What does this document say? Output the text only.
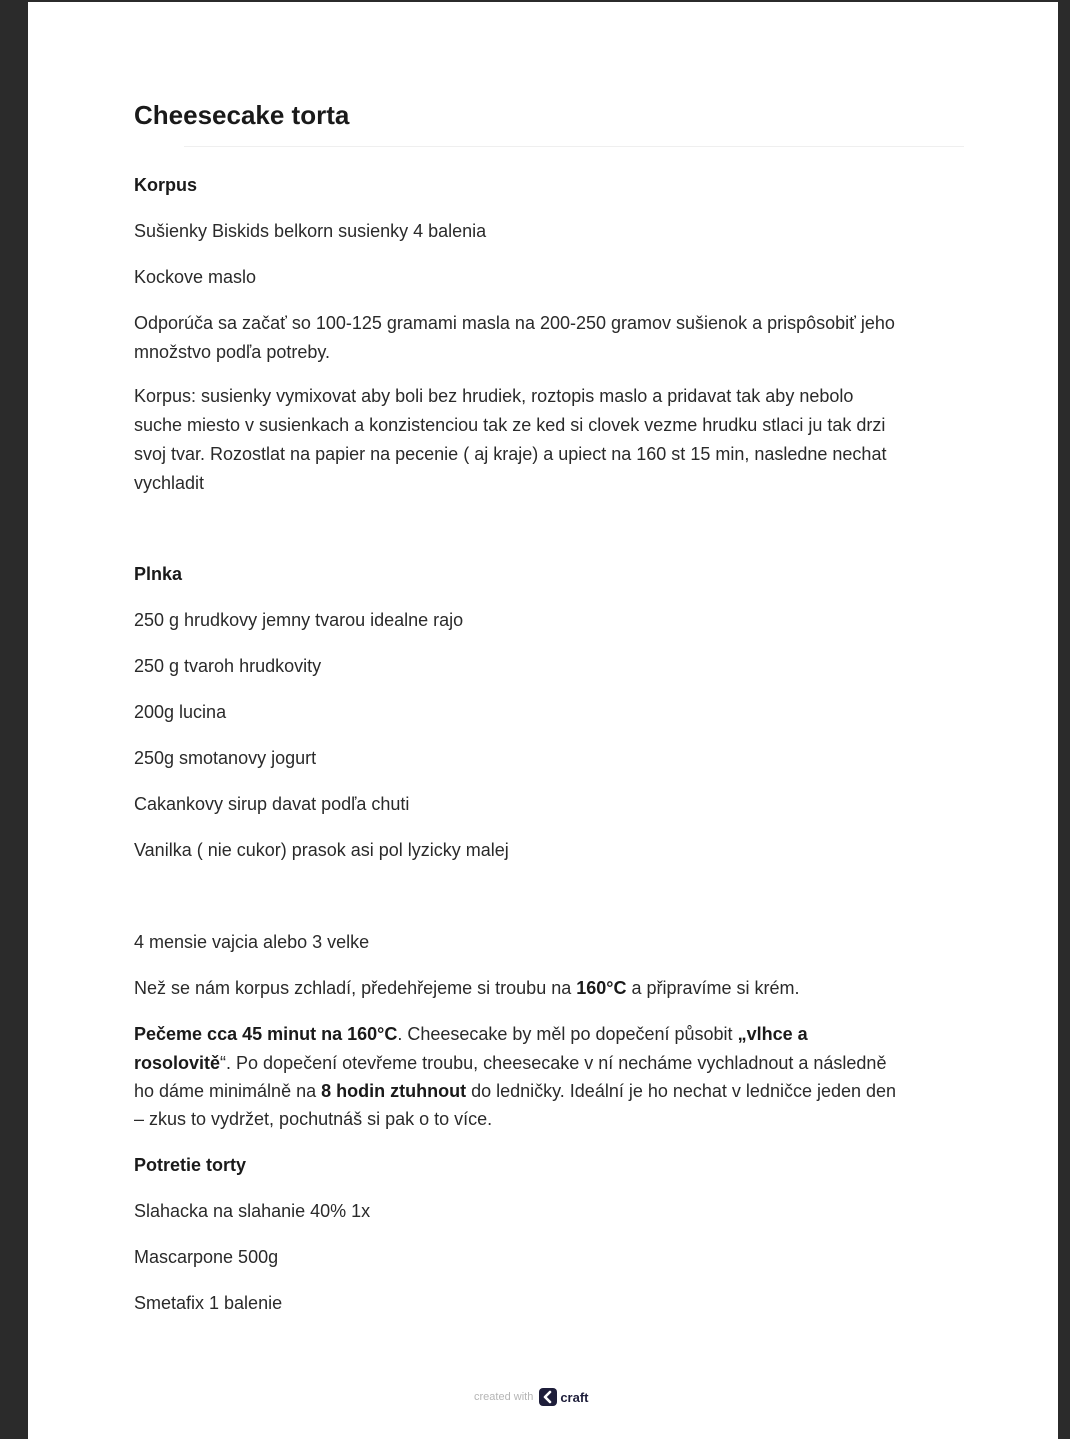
Cheesecake torta
Korpus
Sušienky Biskids belkorn susienky 4 balenia
Kockove maslo
Odporúča sa začať so 100-125 gramami masla na 200-250 gramov sušienok a prispôsobiť jeho
množstvo podľa potreby.
Korpus: susienky vymixovat aby boli bez hrudiek, roztopis maslo a pridavat tak aby nebolo
suche miesto v susienkach a konzistenciou tak ze ked si clovek vezme hrudku stlaci ju tak drzi
svoj tvar. Rozostlat na papier na pecenie ( aj kraje) a upiect na 160 st 15 min, nasledne nechat
vychladit
Plnka
250 g hrudkovy jemny tvarou idealne rajo
250 g tvaroh hrudkovity
200g lucina
250g smotanovy jogurt
Cakankovy sirup davat podľa chuti
Vanilka ( nie cukor) prasok asi pol lyzicky malej
4 mensie vajcia alebo 3 velke
Než se nám korpus zchladí, předehřejeme si troubu na 160°C a připravíme si krém.
Pečeme cca 45 minut na 160°C. Cheesecake by měl po dopečení působit „vlhce a
rosolovitě“. Po dopečení otevřeme troubu, cheesecake v ní necháme vychladnout a následně
ho dáme minimálně na 8 hodin ztuhnout do ledničky. Ideální je ho nechat v ledničce jeden den
– zkus to vydržet, pochutnáš si pak o to více.
Potretie torty
Slahacka na slahanie 40% 1x
Mascarpone 500g
Smetafix 1 balenie
created with craft
